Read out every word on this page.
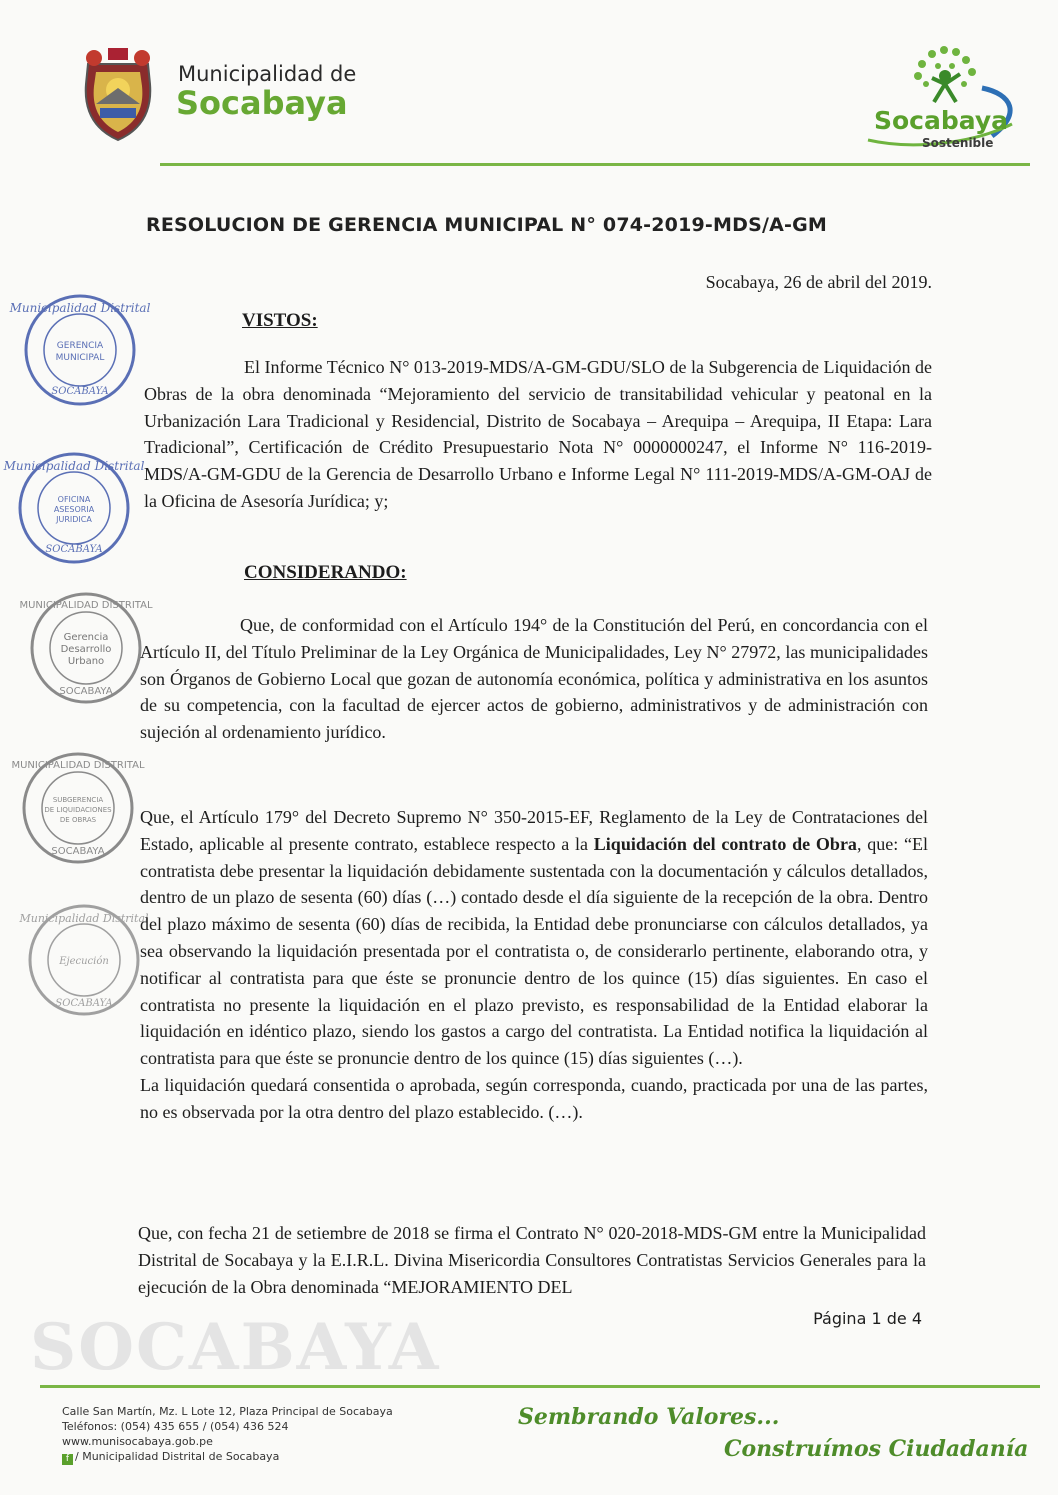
SOCABAYA
Municipalidad de
Socabaya	Socabaya
Sostenible
RESOLUCION DE GERENCIA MUNICIPAL N° 074-2019-MDS/A-GM
Socabaya, 26 de abril del 2019.
Municipalidad Distrital
GERENCIA
MUNICIPAL
SOCABAYA
Municipalidad Distrital
OFICINA
ASESORIA
JURIDICA
SOCABAYA
MUNICIPALIDAD DISTRITAL
Gerencia
Desarrollo
Urbano
SOCABAYA
MUNICIPALIDAD DISTRITAL
SUBGERENCIA
DE LIQUIDACIONES
DE OBRAS
SOCABAYA
Municipalidad Distrital
Ejecución
SOCABAYA
VISTOS:

El Informe Técnico N° 013-2019-MDS/A-GM-GDU/SLO de la Subgerencia de Liquidación de Obras de la obra denominada “Mejoramiento del servicio de transitabilidad vehicular y peatonal en la Urbanización Lara Tradicional y Residencial, Distrito de Socabaya – Arequipa – Arequipa, II Etapa: Lara Tradicional”, Certificación de Crédito Presupuestario Nota N° 0000000247, el Informe N° 116-2019-MDS/A-GM-GDU de la Gerencia de Desarrollo Urbano e Informe Legal N° 111-2019-MDS/A-GM-OAJ de la Oficina de Asesoría Jurídica; y;

CONSIDERANDO:

Que, de conformidad con el Artículo 194° de la Constitución del Perú, en concordancia con el Artículo II, del Título Preliminar de la Ley Orgánica de Municipalidades, Ley N° 27972, las municipalidades son Órganos de Gobierno Local que gozan de autonomía económica, política y administrativa en los asuntos de su competencia, con la facultad de ejercer actos de gobierno, administrativos y de administración con sujeción al ordenamiento jurídico.

Que, el Artículo 179° del Decreto Supremo N° 350-2015-EF, Reglamento de la Ley de Contrataciones del Estado, aplicable al presente contrato, establece respecto a la Liquidación del contrato de Obra, que: “El contratista debe presentar la liquidación debidamente sustentada con la documentación y cálculos detallados, dentro de un plazo de sesenta (60) días (…) contado desde el día siguiente de la recepción de la obra. Dentro del plazo máximo de sesenta (60) días de recibida, la Entidad debe pronunciarse con cálculos detallados, ya sea observando la liquidación presentada por el contratista o, de considerarlo pertinente, elaborando otra, y notificar al contratista para que éste se pronuncie dentro de los quince (15) días siguientes. En caso el contratista no presente la liquidación en el plazo previsto, es responsabilidad de la Entidad elaborar la liquidación en idéntico plazo, siendo los gastos a cargo del contratista. La Entidad notifica la liquidación al contratista para que éste se pronuncie dentro de los quince (15) días siguientes (…).

La liquidación quedará consentida o aprobada, según corresponda, cuando, practicada por una de las partes, no es observada por la otra dentro del plazo establecido. (…).

Que, con fecha 21 de setiembre de 2018 se firma el Contrato N° 020-2018-MDS-GM entre la Municipalidad Distrital de Socabaya y la E.I.R.L. Divina Misericordia Consultores Contratistas Servicios Generales para la ejecución de la Obra denominada “MEJORAMIENTO DEL

Página 1 de 4
Calle San Martín, Mz. L Lote 12, Plaza Principal de Socabaya
Teléfonos: (054) 435 655 / (054) 436 524
www.munisocabaya.gob.pe
f / Municipalidad Distrital de Socabaya
Sembrando Valores...
Construímos Ciudadanía
